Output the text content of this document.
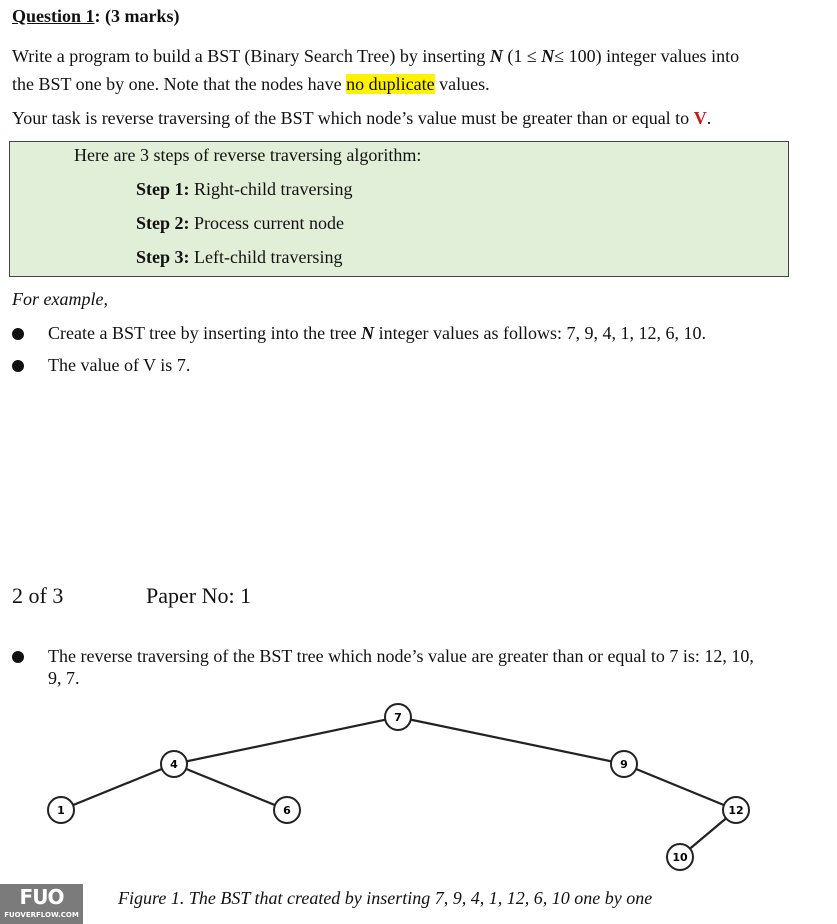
Question 1: (3 marks)
Write a program to build a BST (Binary Search Tree) by inserting N (1 ≤ N≤ 100) integer values into
the BST one by one. Note that the nodes have no duplicate values.
Your task is reverse traversing of the BST which node’s value must be greater than or equal to V.
Here are 3 steps of reverse traversing algorithm:
Step 1: Right-child traversing
Step 2: Process current node
Step 3: Left-child traversing
For example,
Create a BST tree by inserting into the tree N integer values as follows: 7, 9, 4, 1, 12, 6, 10.
The value of V is 7.
2 of 3	Paper No: 1
The reverse traversing of the BST tree which node’s value are greater than or equal to 7 is: 12, 10,
9, 7.
7
4	9
1	6	12
10
FUO
FUOVERFLOW.COM
Figure 1. The BST that created by inserting 7, 9, 4, 1, 12, 6, 10 one by one
